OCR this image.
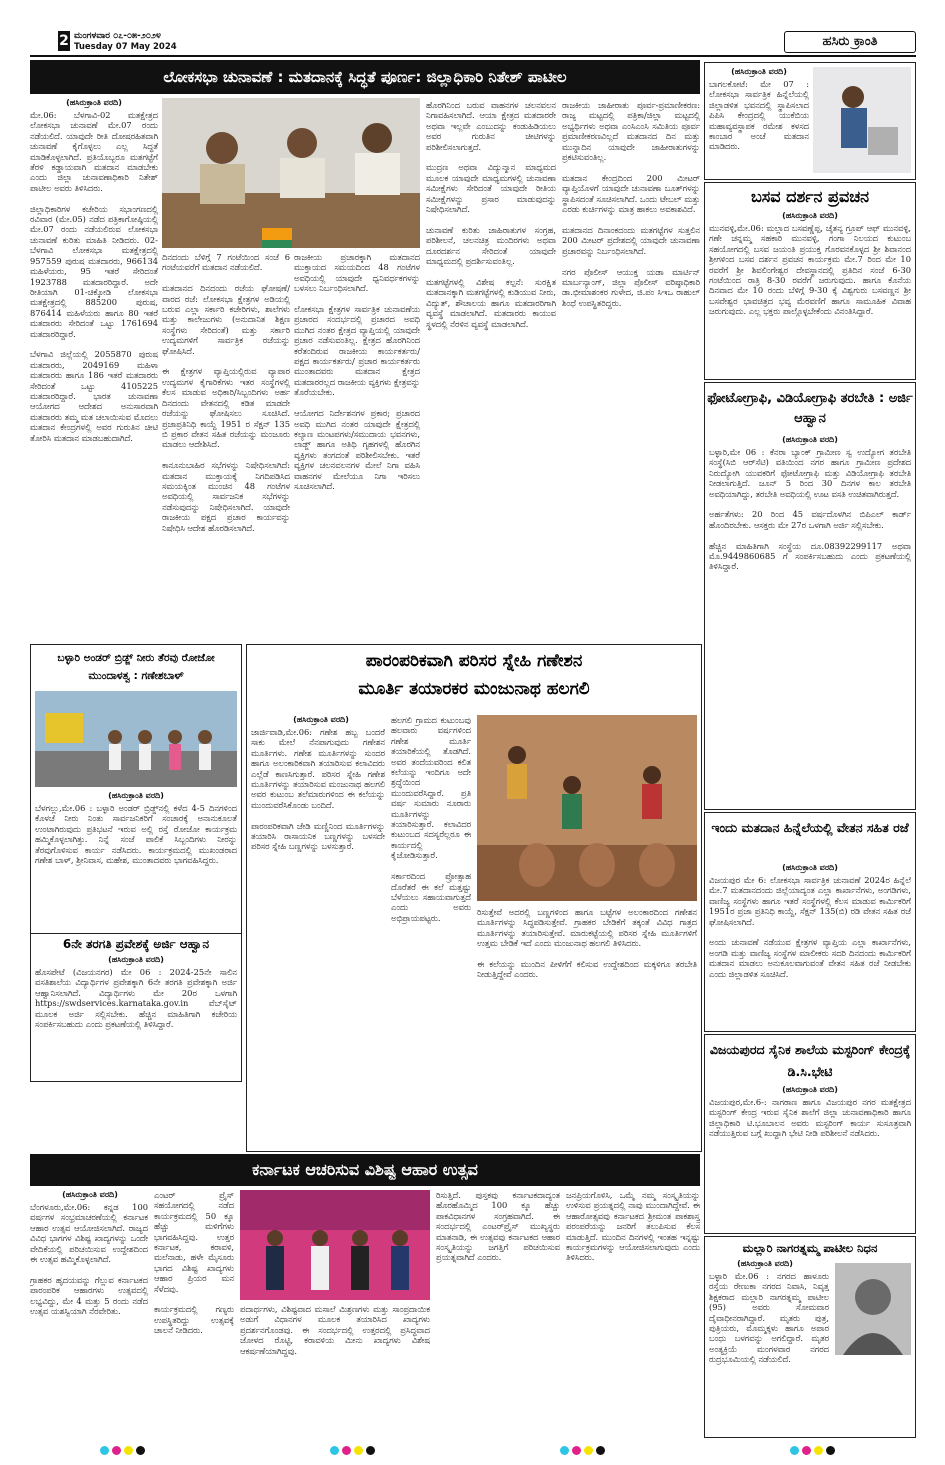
2 ಮಂಗಳವಾರ ೦೭-೦೫-೨೦೨೪
Tuesday 07 May 2024	ಹಸಿರು ಕ್ರಾಂತಿ
ಲೋಕಸಭಾ ಚುನಾವಣೆ : ಮತದಾನಕ್ಕೆ ಸಿದ್ಧತೆ ಪೂರ್ಣ: ಜಿಲ್ಲಾಧಿಕಾರಿ ನಿತೇಶ್ ಪಾಟೀಲ
(ಹಸಿರುಕ್ರಾಂತಿ ವರದಿ)
ಮೇ.06: ಬೆಳಗಾವಿ-02 ಮತಕ್ಷೇತ್ರದ ಲೋಕಸಭಾ ಚುನಾವಣೆ ಮೇ.07 ರಂದು ನಡೆಯಲಿದೆ. ಯಾವುದೇ ರೀತಿ ದೋಷರಹಿತವಾಗಿ ಚುನಾವಣೆ ಕೈಗೊಳ್ಳಲು ಎಲ್ಲ ಸಿದ್ಧತೆ ಮಾಡಿಕೊಳ್ಳಲಾಗಿದೆ. ಪ್ರತಿಯೊಬ್ಬರೂ ಮತಗಟ್ಟೆಗೆ ತೆರಳಿ ಕಡ್ಡಾಯವಾಗಿ ಮತದಾನ ಮಾಡಬೇಕು ಎಂದು ಜಿಲ್ಲಾ ಚುನಾವಣಾಧಿಕಾರಿ ನಿತೇಶ್ ಪಾಟೀಲ ಅವರು ತಿಳಿಸಿದರು.

ಜಿಲ್ಲಾಧಿಕಾರಿಗಳ ಕಚೇರಿಯ ಸಭಾಂಗಣದಲ್ಲಿ ರವಿವಾರ (ಮೇ.05) ನಡೆದ ಪತ್ರಿಕಾಗೋಷ್ಠಿಯಲ್ಲಿ ಮೇ.07 ರಂದು ನಡೆಯಲಿರುವ ಲೋಕಸಭಾ ಚುನಾವಣೆ ಕುರಿತು ಮಾಹಿತಿ ನೀಡಿದರು. 02-ಬೆಳಗಾವಿ ಲೋಕಸಭಾ ಮತಕ್ಷೇತ್ರದಲ್ಲಿ 957559 ಪುರುಷ ಮತದಾರರು, 966134 ಮಹಿಳೆಯರು, 95 ಇತರೆ ಸೇರಿದಂತೆ 1923788 ಮತದಾರರಿದ್ದಾರೆ. ಅದೇ ರೀತಿಯಾಗಿ 01-ಚಿಕ್ಕೋಡಿ ಲೋಕಸಭಾ ಮತಕ್ಷೇತ್ರದಲ್ಲಿ 885200 ಪುರುಷ, 876414 ಮಹಿಳೆಯರು ಹಾಗೂ 80 ಇತರೆ ಮತದಾರರು ಸೇರಿದಂತೆ ಒಟ್ಟು 1761694 ಮತದಾರರಿದ್ದಾರೆ.

ಬೆಳಗಾವಿ ಜಿಲ್ಲೆಯಲ್ಲಿ 2055870 ಪುರುಷ ಮತದಾರರು, 2049169 ಮಹಿಳಾ ಮತದಾರರು ಹಾಗೂ 186 ಇತರೆ ಮತದಾರರು ಸೇರಿದಂತೆ ಒಟ್ಟು 4105225 ಮತದಾರರಿದ್ದಾರೆ. ಭಾರತ ಚುನಾವಣಾ ಆಯೋಗದ ಆದೇಶದ ಅನುಸಾರವಾಗಿ ಮತದಾರರು ತಮ್ಮ ಮತ ಚಲಾಯಿಸುವ ಮೊದಲು ಮತದಾನ ಕೇಂದ್ರಗಳಲ್ಲಿ ಅವರ ಗುರುತಿನ ಚೀಟಿ ತೋರಿಸಿ ಮತದಾನ ಮಾಡಬಹುದಾಗಿದೆ.
ದಿನದಂದು ಬೆಳಿಗ್ಗೆ 7 ಗಂಟೆಯಿಂದ ಸಂಜೆ 6 ಗಂಟೆಯವರೆಗೆ ಮತದಾನ ನಡೆಯಲಿದೆ.

ಮತದಾನದ ದಿನದಂದು ರಜೆಯ ಘೋಷಣೆ/ವಾರದ ರಜೆ: ಲೋಕಸಭಾ ಕ್ಷೇತ್ರಗಳ ಅಡಿಯಲ್ಲಿ ಬರುವ ಎಲ್ಲಾ ಸರ್ಕಾರಿ ಕಚೇರಿಗಳು, ಶಾಲೆಗಳು ಮತ್ತು ಕಾಲೇಜುಗಳು (ಅನುದಾನಿತ ಶಿಕ್ಷಣ ಸಂಸ್ಥೆಗಳು ಸೇರಿದಂತೆ) ಮತ್ತು ಸರ್ಕಾರಿ ಉದ್ಯಮಗಳಿಗೆ ಸಾರ್ವತ್ರಿಕ ರಜೆಯನ್ನು ಘೋಷಿಸಿದೆ.

ಈ ಕ್ಷೇತ್ರಗಳ ವ್ಯಾಪ್ತಿಯಲ್ಲಿರುವ ವ್ಯಾಪಾರ ಉದ್ಯಮಗಳ ಕೈಗಾರಿಕೆಗಳು ಇತರ ಸಂಸ್ಥೆಗಳಲ್ಲಿ ಕೆಲಸ ಮಾಡುವ ಅಧಿಕಾರಿ/ಸಿಬ್ಬಂದಿಗಳು ಅರ್ಹ ದಿನದಂದು ವೇತನದಲ್ಲಿ ಕಡಿತ ಮಾಡದೇ ರಜೆಯನ್ನು ಘೋಷಿಸಲು ಸೂಚಿಸಿದೆ. ಪ್ರಜಾಪ್ರತಿನಿಧಿ ಕಾಯ್ದೆ 1951 ರ ಸೆಕ್ಷನ್ 135 ಬಿ ಪ್ರಕಾರ ವೇತನ ಸಹಿತ ರಜೆಯನ್ನು ಮಂಜೂರು ಮಾಡಲು ಆದೇಶಿಸಿದೆ.

ಕಾನೂನುಬಾಹಿರ ಸಭೆಗಳನ್ನು ನಿಷೇಧಿಸಲಾಗಿದೆ: ಮತದಾನ ಮುಕ್ತಾಯಕ್ಕೆ ನಿಗದಿಪಡಿಸಿದ ಸಮಯಕ್ಕಿಂತ ಮುಂಚಿನ 48 ಗಂಟೆಗಳ ಅವಧಿಯಲ್ಲಿ ಸಾರ್ವಜನಿಕ ಸಭೆಗಳನ್ನು ನಡೆಸುವುದನ್ನು ನಿಷೇಧಿಸಲಾಗಿದೆ. ಯಾವುದೇ ರಾಜಕೀಯ ಪಕ್ಷದ ಪ್ರಚಾರ ಕಾರ್ಯವನ್ನು ನಿಷೇಧಿಸಿ ಆದೇಶ ಹೊರಡಿಸಲಾಗಿದೆ.
ರಾಜಕೀಯ ಪ್ರಚಾರಕ್ಕಾಗಿ ಮತದಾನದ ಮುಕ್ತಾಯದ ಸಮಯದಿಂದ 48 ಗಂಟೆಗಳ ಅವಧಿಯಲ್ಲಿ ಯಾವುದೇ ಧ್ವನಿವರ್ಧಕಗಳನ್ನು ಬಳಸಲು ನಿರ್ಬಂಧಿಸಲಾಗಿದೆ.

ಲೋಕಸಭಾ ಕ್ಷೇತ್ರಗಳ ಸಾರ್ವತ್ರಿಕ ಚುನಾವಣೆಯ ಪ್ರಚಾರದ ಸಂದರ್ಭದಲ್ಲಿ ಪ್ರಚಾರದ ಅವಧಿ ಮುಗಿದ ನಂತರ ಕ್ಷೇತ್ರದ ವ್ಯಾಪ್ತಿಯಲ್ಲಿ ಯಾವುದೇ ಪ್ರಚಾರ ನಡೆಸುವಂತಿಲ್ಲ. ಕ್ಷೇತ್ರದ ಹೊರಗಿನಿಂದ ಕರೆತಂದಿರುವ ರಾಜಕೀಯ ಕಾರ್ಯಕರ್ತರು/ ಪಕ್ಷದ ಕಾರ್ಯಕರ್ತರು/ ಪ್ರಚಾರ ಕಾರ್ಯಕರ್ತರು ಮುಂತಾದವರು ಮತದಾನ ಕ್ಷೇತ್ರದ ಮತದಾರರಲ್ಲದ ರಾಜಕೀಯ ವ್ಯಕ್ತಿಗಳು ಕ್ಷೇತ್ರವನ್ನು ತೊರೆಯಬೇಕು.

ಆಯೋಗದ ನಿರ್ದೇಶನಗಳ ಪ್ರಕಾರ; ಪ್ರಚಾರದ ಅವಧಿ ಮುಗಿದ ನಂತರ ಯಾವುದೇ ಕ್ಷೇತ್ರದಲ್ಲಿ ಕಲ್ಯಾಣ ಮಂಟಪಗಳು/ಸಮುದಾಯ ಭವನಗಳು, ಲಾಡ್ಜ್ ಹಾಗೂ ಅತಿಥಿ ಗೃಹಗಳಲ್ಲಿ ಹೊರಗಿನ ವ್ಯಕ್ತಿಗಳು ತಂಗದಂತೆ ಪರಿಶೀಲಿಸಬೇಕು. ಇತರೆ ವ್ಯಕ್ತಿಗಳ ಚಲನವಲನಗಳ ಮೇಲೆ ನಿಗಾ ವಹಿಸಿ ವಾಹನಗಳ ಮೇಲೆಯೂ ನಿಗಾ ಇರಿಸಲು ಸೂಚಿಸಲಾಗಿದೆ.
ಹೊರಗಿನಿಂದ ಬರುವ ವಾಹನಗಳ ಚಲನವಲನ ನಿಗಾವಹಿಸಲಾಗಿದೆ. ಆಯಾ ಕ್ಷೇತ್ರದ ಮತದಾರರೇ ಅಥವಾ ಇಲ್ಲವೇ ಎಂಬುದನ್ನು ಕಂಡುಹಿಡಿಯಲು ಅವರ ಗುರುತಿನ ಚೀಟಿಗಳನ್ನು ಪರಿಶೀಲಿಸಲಾಗುತ್ತದೆ.

ಮುದ್ರಣ ಅಥವಾ ವಿದ್ಯುನ್ಮಾನ ಮಾಧ್ಯಮದ ಮೂಲಕ ಯಾವುದೇ ಮಾಧ್ಯಮಗಳಲ್ಲಿ ಚುನಾವಣಾ ಸಮೀಕ್ಷೆಗಳು ಸೇರಿದಂತೆ ಯಾವುದೇ ರೀತಿಯ ಸಮೀಕ್ಷೆಗಳನ್ನು ಪ್ರಸಾರ ಮಾಡುವುದನ್ನು ನಿಷೇಧಿಸಲಾಗಿದೆ.

ಚುನಾವಣೆ ಕುರಿತು ಜಾಹಿರಾತುಗಳ ಸಂಗ್ರಹ, ಪರಿಶೀಲನೆ, ಚಲನಚಿತ್ರ ಮಂದಿರಗಳು ಅಥವಾ ದೂರದರ್ಶನ ಸೇರಿದಂತೆ ಯಾವುದೇ ಮಾಧ್ಯಮದಲ್ಲಿ ಪ್ರದರ್ಶಿಸುವಂತಿಲ್ಲ.

ಮತಗಟ್ಟೆಗಳಲ್ಲಿ ವಿಶೇಷ ಕಲ್ಪನೆ: ಸುರಕ್ಷಿತ ಮತದಾನಕ್ಕಾಗಿ ಮತಗಟ್ಟೆಗಳಲ್ಲಿ ಕುಡಿಯುವ ನೀರು, ವಿದ್ಯುತ್, ಶೌಚಾಲಯ ಹಾಗೂ ಮತದಾರರಿಗಾಗಿ ವ್ಯವಸ್ಥೆ ಮಾಡಲಾಗಿದೆ. ಮತದಾರರು ಕಾಯುವ ಸ್ಥಳದಲ್ಲಿ ನೆರಳಿನ ವ್ಯವಸ್ಥೆ ಮಾಡಲಾಗಿದೆ.
ರಾಜಕೀಯ ಜಾಹೀರಾತು ಪೂರ್ವ-ಪ್ರಮಾಣೀಕರಣ: ರಾಜ್ಯ ಮಟ್ಟದಲ್ಲಿ ಪತ್ರಿಕಾ/ಜಿಲ್ಲಾ ಮಟ್ಟದಲ್ಲಿ ಅಭ್ಯರ್ಥಿಗಳು ಅಥವಾ ಎಂಸಿಎಂಸಿ ಸಮಿತಿಯ ಪೂರ್ವ ಪ್ರಮಾಣೀಕರಣವಿಲ್ಲದೆ ಮತದಾನದ ದಿನ ಮತ್ತು ಮುನ್ನಾದಿನ ಯಾವುದೇ ಜಾಹೀರಾತುಗಳನ್ನು ಪ್ರಕಟಿಸುವಂತಿಲ್ಲ.

ಮತದಾನ ಕೇಂದ್ರದಿಂದ 200 ಮೀಟರ್ ವ್ಯಾಪ್ತಿಯೊಳಗೆ ಯಾವುದೇ ಚುನಾವಣಾ ಬೂತ್‌ಗಳನ್ನು ಸ್ಥಾಪಿಸದಂತೆ ಸೂಚಿಸಲಾಗಿದೆ. ಒಂದು ಟೇಬಲ್ ಮತ್ತು ಎರಡು ಕುರ್ಚಿಗಳನ್ನು ಮಾತ್ರ ಹಾಕಲು ಅವಕಾಶವಿದೆ.

ಮತದಾನದ ದಿನಾಂಕದಂದು ಮತಗಟ್ಟೆಗಳ ಸುತ್ತಲಿನ 200 ಮೀಟರ್ ಪ್ರದೇಶದಲ್ಲಿ ಯಾವುದೇ ಚುನಾವಣಾ ಪ್ರಚಾರವನ್ನು ನಿರ್ಬಂಧಿಸಲಾಗಿದೆ.

ನಗರ ಪೊಲೀಸ್ ಆಯುಕ್ತ ಯಡಾ ಮಾರ್ಟಿನ್ ಮಾರ್ಬನ್ಯಾಂಗ್, ಜಿಲ್ಲಾ ಪೊಲೀಸ್ ವರಿಷ್ಠಾಧಿಕಾರಿ ಡಾ.ಭೀಮಾಶಂಕರ ಗುಳೇದ, ಜಿ.ಪಂ ಸಿಇಒ ರಾಹುಲ್ ಶಿಂಧೆ ಉಪಸ್ಥಿತರಿದ್ದರು.
(ಹಸಿರುಕ್ರಾಂತಿ ವರದಿ)
ಬಾಗಲಕೋಟೆ: ಮೇ 07 : ಲೋಕಸಭಾ ಸಾರ್ವತ್ರಿಕ ಹಿನ್ನೆಲೆಯಲ್ಲಿ ಜಿಲ್ಲಾಡಳಿತ ಭವನದಲ್ಲಿ ಸ್ಥಾಪಿಸಲಾದ ಪಿಪಿಸಿ ಕೇಂದ್ರದಲ್ಲಿ ಯುಕೆಬಿಯ ಮಹಾವ್ಯವಸ್ಥಾಪಕ ರಮೇಶ ಕಳಸದ ಕಾಂಬಾರ ಅಂಚೆ ಮತದಾನ ಮಾಡಿದರು.
ಬಸವ ದರ್ಶನ ಪ್ರವಚನ
(ಹಸಿರುಕ್ರಾಂತಿ ವರದಿ)
ಮುನವಳ್ಳಿ,ಮೇ.06: ಮಲ್ಲಾದ ಬಸವಣ್ಣೆಪ್ಪ, ಚೈತನ್ಯ ಗ್ರೂಪ್ ಆಫ್ ಮುನವಳ್ಳಿ, ಗಣೇ ಚನ್ನಮ್ಮ ಸಹಕಾರಿ ಮುನವಳ್ಳಿ, ಗಂಗಾ ನಿಲಯದ ಕುಟುಂಬ ಸಹಯೋಗದಲ್ಲಿ ಬಸವ ಜಯಂತಿ ಪ್ರಯುಕ್ತ ಗೊರವನಕೊಳ್ಳದ ಶ್ರೀ ಶಿವಾನಂದ ಶ್ರೀಗಳಿಂದ ಬಸವ ದರ್ಶನ ಪ್ರವಚನ ಕಾರ್ಯಕ್ರಮ ಮೇ.7 ರಿಂದ ಮೇ 10 ರವರೆಗೆ ಶ್ರೀ ಶಿವಲಿಂಗೇಶ್ವರ ದೇವಸ್ಥಾನದಲ್ಲಿ ಪ್ರತಿದಿನ ಸಂಜೆ 6-30 ಗಂಟೆಯಿಂದ ರಾತ್ರಿ 8-30 ರವರೆಗೆ ಜರುಗುವುದು. ಹಾಗೂ ಕೊನೆಯ ದಿನವಾದ ಮೇ 10 ರಂದು ಬೆಳಿಗ್ಗೆ 9-30 ಕ್ಕೆ ವಿಶ್ವಗುರು ಬಸವಣ್ಣನ ಶ್ರೀ ಬಸವೇಶ್ವರ ಭಾವಚಿತ್ರದ ಭವ್ಯ ಮೆರವಣಿಗೆ ಹಾಗೂ ಸಾಮೂಹಿಕ ವಿವಾಹ ಜರುಗುವುದು. ಎಲ್ಲ ಭಕ್ತರು ಪಾಲ್ಗೊಳ್ಳಬೇಕೆಂದು ವಿನಂತಿಸಿದ್ದಾರೆ.
ಫೋಟೋಗ್ರಾಫಿ, ವಿಡಿಯೋಗ್ರಾಫಿ ತರಬೇತಿ : ಅರ್ಜಿ ಆಹ್ವಾನ
(ಹಸಿರುಕ್ರಾಂತಿ ವರದಿ)
ಬಳ್ಳಾರಿ,ಮೇ 06 : ಕೆನರಾ ಬ್ಯಾಂಕ್ ಗ್ರಾಮೀಣ ಸ್ವ ಉದ್ಯೋಗ ತರಬೇತಿ ಸಂಸ್ಥೆ(ಸಿಬಿ ಆರ್‌ಸೆಟಿ) ವತಿಯಿಂದ ನಗರ ಹಾಗೂ ಗ್ರಾಮೀಣ ಪ್ರದೇಶದ ನಿರುದ್ಯೋಗಿ ಯುವಕರಿಗೆ ಫೋಟೋಗ್ರಾಫಿ ಮತ್ತು ವಿಡಿಯೋಗ್ರಾಫಿ ತರಬೇತಿ ನೀಡಲಾಗುತ್ತಿದೆ. ಜೂನ್ 5 ರಿಂದ 30 ದಿನಗಳ ಕಾಲ ತರಬೇತಿ ಅವಧಿಯಾಗಿದ್ದು, ತರಬೇತಿ ಅವಧಿಯಲ್ಲಿ ಊಟ ವಸತಿ ಉಚಿತವಾಗಿರುತ್ತದೆ.

ಅರ್ಹತೆಗಳು: 20 ರಿಂದ 45 ವರ್ಷದೊಳಗಿನ ಬಿಪಿಎಲ್ ಕಾರ್ಡ್ ಹೊಂದಿರಬೇಕು. ಆಸಕ್ತರು ಮೇ 27ರ ಒಳಗಾಗಿ ಅರ್ಜಿ ಸಲ್ಲಿಸಬೇಕು.

ಹೆಚ್ಚಿನ ಮಾಹಿತಿಗಾಗಿ ಸಂಸ್ಥೆಯ ದೂ.08392299117 ಅಥವಾ ಮೊ.9449860685 ಗೆ ಸಂಪರ್ಕಿಸಬಹುದು ಎಂದು ಪ್ರಕಟಣೆಯಲ್ಲಿ ತಿಳಿಸಿದ್ದಾರೆ.
ಇಂದು ಮತದಾನ ಹಿನ್ನೆಲೆಯಲ್ಲಿ ವೇತನ ಸಹಿತ ರಜೆ
(ಹಸಿರುಕ್ರಾಂತಿ ವರದಿ)
ವಿಜಯಪುರ ಮೇ 6: ಲೋಕಸಭಾ ಸಾರ್ವತ್ರಿಕ ಚುನಾವಣೆ 2024ರ ಹಿನ್ನೆಲೆ ಮೇ.7 ಮತದಾನದಂದು ಜಿಲ್ಲೆಯಾದ್ಯಂತ ಎಲ್ಲಾ ಕಾರ್ಖಾನೆಗಳು, ಅಂಗಡಿಗಳು, ವಾಣಿಜ್ಯ ಸಂಸ್ಥೆಗಳು ಹಾಗೂ ಇತರೆ ಸಂಸ್ಥೆಗಳಲ್ಲಿ ಕೆಲಸ ಮಾಡುವ ಕಾರ್ಮಿಕರಿಗೆ 1951ರ ಪ್ರಜಾ ಪ್ರತಿನಿಧಿ ಕಾಯ್ದೆ, ಸೆಕ್ಷನ್ 135(ಬಿ) ರಡಿ ವೇತನ ಸಹಿತ ರಜೆ ಘೋಷಿಸಲಾಗಿದೆ.

ಅಂದು ಚುನಾವಣೆ ನಡೆಯುವ ಕ್ಷೇತ್ರಗಳ ವ್ಯಾಪ್ತಿಯ ಎಲ್ಲಾ ಕಾರ್ಖಾನೆಗಳು, ಅಂಗಡಿ ಮತ್ತು ವಾಣಿಜ್ಯ ಸಂಸ್ಥೆಗಳ ಮಾಲೀಕರು ಸದರಿ ದಿನದಂದು ಕಾರ್ಮಿಕರಿಗೆ ಮತದಾನ ಮಾಡಲು ಅನುಕೂಲವಾಗುವಂತೆ ವೇತನ ಸಹಿತ ರಜೆ ನೀಡಬೇಕು ಎಂದು ಜಿಲ್ಲಾಡಳಿತ ಸೂಚಿಸಿದೆ.
ವಿಜಯಪುರದ ಸೈನಿಕ ಶಾಲೆಯ ಮಸ್ಟರಿಂಗ್ ಕೇಂದ್ರಕ್ಕೆ ಡಿ.ಸಿ.ಭೇಟಿ
(ಹಸಿರುಕ್ರಾಂತಿ ವರದಿ)
ವಿಜಯಪುರ,ಮೇ.6-: ನಾಗಠಾಣ ಹಾಗೂ ವಿಜಯಪುರ ನಗರ ಮತಕ್ಷೇತ್ರದ ಮಸ್ಟರಿಂಗ್ ಕೇಂದ್ರ ಇರುವ ಸೈನಿಕ ಶಾಲೆಗೆ ಜಿಲ್ಲಾ ಚುನಾವಣಾಧಿಕಾರಿ ಹಾಗೂ ಜಿಲ್ಲಾಧಿಕಾರಿ ಟಿ.ಭೂಬಾಲನ ಅವರು ಮಸ್ಟರಿಂಗ್ ಕಾರ್ಯ ಸುಸೂತ್ರವಾಗಿ ನಡೆಯುತ್ತಿರುವ ಬಗ್ಗೆ ಖುದ್ದಾಗಿ ಭೇಟಿ ನೀಡಿ ಪರಿಶೀಲನೆ ನಡೆಸಿದರು.
ಮಲ್ಲಾರಿ ನಾಗರತ್ನಮ್ಮ ಪಾಟೀಲ ನಿಧನ
(ಹಸಿರುಕ್ರಾಂತಿ ವರದಿ)
ಬಳ್ಳಾರಿ ಮೇ.06 : ನಗರದ ಹಾಳೂರು ರಸ್ತೆಯ ರೇಣುಕಾ ನಗರದ ನಿವಾಸಿ, ನಿವೃತ್ತ ಶಿಕ್ಷಕರಾದ ಮಲ್ಲಾರಿ ನಾಗರತ್ನಮ್ಮ ಪಾಟೀಲ (95) ಅವರು ಸೋಮವಾರ ದೈವಾಧೀನರಾಗಿದ್ದಾರೆ. ಮೃತರು ಪುತ್ರ, ಪುತ್ರಿಯರು, ಮೊಮ್ಮಕ್ಕಳು ಹಾಗೂ ಅಪಾರ ಬಂಧು ಬಳಗವನ್ನು ಅಗಲಿದ್ದಾರೆ. ಮೃತರ ಅಂತ್ಯಕ್ರಿಯೆ ಮಂಗಳವಾರ ನಗರದ ರುದ್ರಭೂಮಿಯಲ್ಲಿ ನಡೆಯಲಿದೆ.
ಬಳ್ಳಾರಿ ಅಂಡರ್ ಬ್ರಿಡ್ಜ್ ನೀರು ತೆರವು ರೋಜೋ ಮುಂದಾಳತ್ವ : ಗಣೇಶಬಾಳ್
(ಹಸಿರುಕ್ರಾಂತಿ ವರದಿ)
ಬೆಳಗಲ್ಲು,ಮೇ.06 : ಬಳ್ಳಾರಿ ಅಂಡರ್ ಬ್ರಿಡ್ಜ್‌ನಲ್ಲಿ ಕಳೆದ 4-5 ದಿನಗಳಿಂದ ಕೊಳಚೆ ನೀರು ನಿಂತು ಸಾರ್ವಜನಿಕರಿಗೆ ಸಂಚಾರಕ್ಕೆ ಅನಾನುಕೂಲತೆ ಉಂಟಾಗಿರುವುದು ಪ್ರತಿಭಟನೆ ಇರುವ ಅಲ್ಲಿ ರಸ್ತೆ ರೋಜೋ ಕಾರ್ಯಕ್ರಮ ಹಮ್ಮಿಕೊಳ್ಳಲಾಗಿತ್ತು. ನಿನ್ನೆ ಸಂಜೆ ಪಾಲಿಕೆ ಸಿಬ್ಬಂದಿಗಳು ನೀರನ್ನು ತೆರವುಗೊಳಿಸುವ ಕಾರ್ಯ ನಡೆಸಿದರು. ಕಾರ್ಯಕ್ರಮದಲ್ಲಿ ಮುಖಂಡರಾದ ಗಣೇಶ ಬಾಳ್, ಶ್ರೀನಿವಾಸ, ಮಹೇಶ, ಮುಂತಾದವರು ಭಾಗವಹಿಸಿದ್ದರು.
6ನೇ ತರಗತಿ ಪ್ರವೇಶಕ್ಕೆ ಅರ್ಜಿ ಆಹ್ವಾನ
(ಹಸಿರುಕ್ರಾಂತಿ ವರದಿ)
ಹೊಸಪೇಟೆ (ವಿಜಯನಗರ) ಮೇ 06 : 2024-25ನೇ ಸಾಲಿನ ವಸತಿಶಾಲೆಯ ವಿದ್ಯಾರ್ಥಿಗಳ ಪ್ರವೇಶಕ್ಕಾಗಿ 6ನೇ ತರಗತಿ ಪ್ರವೇಶಕ್ಕಾಗಿ ಅರ್ಜಿ ಆಹ್ವಾನಿಸಲಾಗಿದೆ. ವಿದ್ಯಾರ್ಥಿಗಳು ಮೇ 20ರ ಒಳಗಾಗಿ https://swdservices.karnataka.gov.in ವೆಬ್‌ಸೈಟ್ ಮೂಲಕ ಅರ್ಜಿ ಸಲ್ಲಿಸಬೇಕು. ಹೆಚ್ಚಿನ ಮಾಹಿತಿಗಾಗಿ ಕಚೇರಿಯ ಸಂಪರ್ಕಿಸಬಹುದು ಎಂದು ಪ್ರಕಟಣೆಯಲ್ಲಿ ತಿಳಿಸಿದ್ದಾರೆ.
ಪಾರಂಪರಿಕವಾಗಿ ಪರಿಸರ ಸ್ನೇಹಿ ಗಣೇಶನ
ಮೂರ್ತಿ ತಯಾರಕರ ಮಂಜುನಾಥ ಹಲಗಲಿ
(ಹಸಿರುಕ್ರಾಂತಿ ವರದಿ)
ಜಾರ್ಜಿವಾಡಿ,ಮೇ.06: ಗಣೇಶ ಹಬ್ಬ ಬಂದರೆ ಸಾಕು ಮೇಲೆ ನೆನಪಾಗುವುದು ಗಣೇಶನ ಮೂರ್ತಿಗಳು. ಗಣೇಶ ಮೂರ್ತಿಗಳನ್ನು ಸುಂದರ ಹಾಗೂ ಅಲಂಕಾರಿಕವಾಗಿ ತಯಾರಿಸುವ ಕಲಾವಿದರು ಎಲ್ಲೆಡೆ ಕಾಣಸಿಗುತ್ತಾರೆ. ಪರಿಸರ ಸ್ನೇಹಿ ಗಣೇಶ ಮೂರ್ತಿಗಳನ್ನು ತಯಾರಿಸುವ ಮಂಜುನಾಥ ಹಲಗಲಿ ಅವರ ಕುಟುಂಬ ತಲೆಮಾರುಗಳಿಂದ ಈ ಕಲೆಯನ್ನು ಮುಂದುವರೆಸಿಕೊಂಡು ಬಂದಿದೆ.

ಪಾರಂಪರಿಕವಾಗಿ ಜೇಡಿ ಮಣ್ಣಿನಿಂದ ಮೂರ್ತಿಗಳನ್ನು ತಯಾರಿಸಿ ರಾಸಾಯನಿಕ ಬಣ್ಣಗಳನ್ನು ಬಳಸದೇ ಪರಿಸರ ಸ್ನೇಹಿ ಬಣ್ಣಗಳನ್ನು ಬಳಸುತ್ತಾರೆ.
ಹಲಗಲಿ ಗ್ರಾಮದ ಕುಟುಂಬವು ಹಲವಾರು ವರ್ಷಗಳಿಂದ ಗಣೇಶ ಮೂರ್ತಿ ತಯಾರಿಕೆಯಲ್ಲಿ ತೊಡಗಿದೆ. ಅವರ ತಂದೆಯವರಿಂದ ಕಲಿತ ಕಲೆಯನ್ನು ಇಂದಿಗೂ ಅದೇ ಶ್ರದ್ಧೆಯಿಂದ ಮುಂದುವರೆಸಿದ್ದಾರೆ. ಪ್ರತಿ ವರ್ಷ ಸುಮಾರು ನೂರಾರು ಮೂರ್ತಿಗಳನ್ನು ತಯಾರಿಸುತ್ತಾರೆ. ಕಲಾವಿದರ ಕುಟುಂಬದ ಸದಸ್ಯರೆಲ್ಲರೂ ಈ ಕಾರ್ಯದಲ್ಲಿ ಕೈಜೋಡಿಸುತ್ತಾರೆ.

ಸರ್ಕಾರದಿಂದ ಪ್ರೋತ್ಸಾಹ ದೊರೆತರೆ ಈ ಕಲೆ ಮತ್ತಷ್ಟು ಬೆಳೆಯಲು ಸಹಾಯವಾಗುತ್ತದೆ ಎಂದು ಅವರು ಅಭಿಪ್ರಾಯಪಟ್ಟರು.
ರಿಸುತ್ತೇವೆ ಅದರಲ್ಲಿ ಬಣ್ಣಗಳಿಂದ ಹಾಗೂ ಬಟ್ಟೆಗಳ ಅಲಂಕಾರದಿಂದ ಗಣೇಶನ ಮೂರ್ತಿಗಳನ್ನು ಸಿದ್ಧಪಡಿಸುತ್ತೇವೆ. ಗ್ರಾಹಕರ ಬೇಡಿಕೆಗೆ ತಕ್ಕಂತೆ ವಿವಿಧ ಗಾತ್ರದ ಮೂರ್ತಿಗಳನ್ನು ತಯಾರಿಸುತ್ತೇವೆ. ಮಾರುಕಟ್ಟೆಯಲ್ಲಿ ಪರಿಸರ ಸ್ನೇಹಿ ಮೂರ್ತಿಗಳಿಗೆ ಉತ್ತಮ ಬೇಡಿಕೆ ಇದೆ ಎಂದು ಮಂಜುನಾಥ ಹಲಗಲಿ ತಿಳಿಸಿದರು.

ಈ ಕಲೆಯನ್ನು ಮುಂದಿನ ಪೀಳಿಗೆಗೆ ಕಲಿಸುವ ಉದ್ದೇಶದಿಂದ ಮಕ್ಕಳಿಗೂ ತರಬೇತಿ ನೀಡುತ್ತಿದ್ದೇವೆ ಎಂದರು.
ಕರ್ನಾಟಕ ಆಚರಿಸುವ ವಿಶಿಷ್ಟ ಆಹಾರ ಉತ್ಸವ
(ಹಸಿರುಕ್ರಾಂತಿ ವರದಿ)
ಬೆಂಗಳೂರು,ಮೇ.06: ಕನ್ನಡ 100 ವರ್ಷಗಳ ಸಂಭ್ರಮಾಚರಣೆಯಲ್ಲಿ ಕರ್ನಾಟಕ ಆಹಾರ ಉತ್ಸವ ಆಯೋಜಿಸಲಾಗಿದೆ. ರಾಜ್ಯದ ವಿವಿಧ ಭಾಗಗಳ ವಿಶಿಷ್ಟ ಖಾದ್ಯಗಳನ್ನು ಒಂದೇ ವೇದಿಕೆಯಲ್ಲಿ ಪರಿಚಯಿಸುವ ಉದ್ದೇಶದಿಂದ ಈ ಉತ್ಸವ ಹಮ್ಮಿಕೊಳ್ಳಲಾಗಿದೆ.

ಗ್ರಾಹಕರ ಹೃದಯವನ್ನು ಗೆಲ್ಲುವ ಕರ್ನಾಟಕದ ಪಾರಂಪರಿಕ ಆಹಾರಗಳು ಉತ್ಸವದಲ್ಲಿ ಲಭ್ಯವಿದ್ದು, ಮೇ 4 ಮತ್ತು 5 ರಂದು ನಡೆದ ಉತ್ಸವ ಯಶಸ್ವಿಯಾಗಿ ನೆರವೇರಿತು.
ಎಂಟರ್ ಪ್ರೈಸ್ ಸಹಯೋಗದಲ್ಲಿ ನಡೆದ ಕಾರ್ಯಕ್ರಮದಲ್ಲಿ 50 ಕ್ಕೂ ಹೆಚ್ಚು ಮಳಿಗೆಗಳು ಭಾಗವಹಿಸಿದ್ದವು. ಉತ್ತರ ಕರ್ನಾಟಕ, ಕರಾವಳಿ, ಮಲೆನಾಡು, ಹಳೇ ಮೈಸೂರು ಭಾಗದ ವಿಶಿಷ್ಟ ಖಾದ್ಯಗಳು ಆಹಾರ ಪ್ರಿಯರ ಮನ ಸೆಳೆದವು.

ಕಾರ್ಯಕ್ರಮದಲ್ಲಿ ಗಣ್ಯರು ಉಪಸ್ಥಿತರಿದ್ದು ಉತ್ಸವಕ್ಕೆ ಚಾಲನೆ ನೀಡಿದರು.
ಪದಾರ್ಥಗಳು, ವಿಶಿಷ್ಟವಾದ ಮಸಾಲೆ ಮಿಶ್ರಣಗಳು ಮತ್ತು ಸಾಂಪ್ರದಾಯಿಕ ಅಡುಗೆ ವಿಧಾನಗಳ ಮೂಲಕ ತಯಾರಿಸಿದ ಖಾದ್ಯಗಳು ಪ್ರದರ್ಶನಗೊಂಡವು. ಈ ಸಂದರ್ಭದಲ್ಲಿ ಉತ್ತರದಲ್ಲಿ ಪ್ರಸಿದ್ಧವಾದ ಜೋಳದ ರೊಟ್ಟಿ, ಕರಾವಳಿಯ ಮೀನು ಖಾದ್ಯಗಳು ವಿಶೇಷ ಆಕರ್ಷಣೆಯಾಗಿದ್ದವು.
ರಿಸುತ್ತಿದೆ. ಪುಸ್ತಕವು ಕರ್ನಾಟಕದಾದ್ಯಂತ ಹೊರಹೊಮ್ಮಿದ 100 ಕ್ಕೂ ಹೆಚ್ಚು ಪಾಕವಿಧಾನಗಳ ಸಂಗ್ರಹವಾಗಿದೆ. ಈ ಸಂದರ್ಭದಲ್ಲಿ ಎಂಟರ್‌ಪ್ರೈಸ್ ಮುಖ್ಯಸ್ಥರು ಮಾತನಾಡಿ, ಈ ಉತ್ಸವವು ಕರ್ನಾಟಕದ ಆಹಾರ ಸಂಸ್ಕೃತಿಯನ್ನು ಜಗತ್ತಿಗೆ ಪರಿಚಯಿಸುವ ಪ್ರಯತ್ನವಾಗಿದೆ ಎಂದರು.
ಜನಪ್ರಿಯಗೊಳಿಸಿ, ಒಮ್ಮೆ ನಮ್ಮ ಸಂಸ್ಕೃತಿಯನ್ನು ಉಳಿಸುವ ಪ್ರಯತ್ನದಲ್ಲಿ ನಾವು ಮುಂದಾಗಿದ್ದೇವೆ. ಈ ಆಹಾರೋತ್ಸವವು ಕರ್ನಾಟಕದ ಶ್ರೀಮಂತ ಪಾಕಶಾಸ್ತ್ರ ಪರಂಪರೆಯನ್ನು ಜನರಿಗೆ ತಲುಪಿಸುವ ಕೆಲಸ ಮಾಡುತ್ತಿದೆ. ಮುಂದಿನ ದಿನಗಳಲ್ಲಿ ಇಂತಹ ಇನ್ನಷ್ಟು ಕಾರ್ಯಕ್ರಮಗಳನ್ನು ಆಯೋಜಿಸಲಾಗುವುದು ಎಂದು ತಿಳಿಸಿದರು.
